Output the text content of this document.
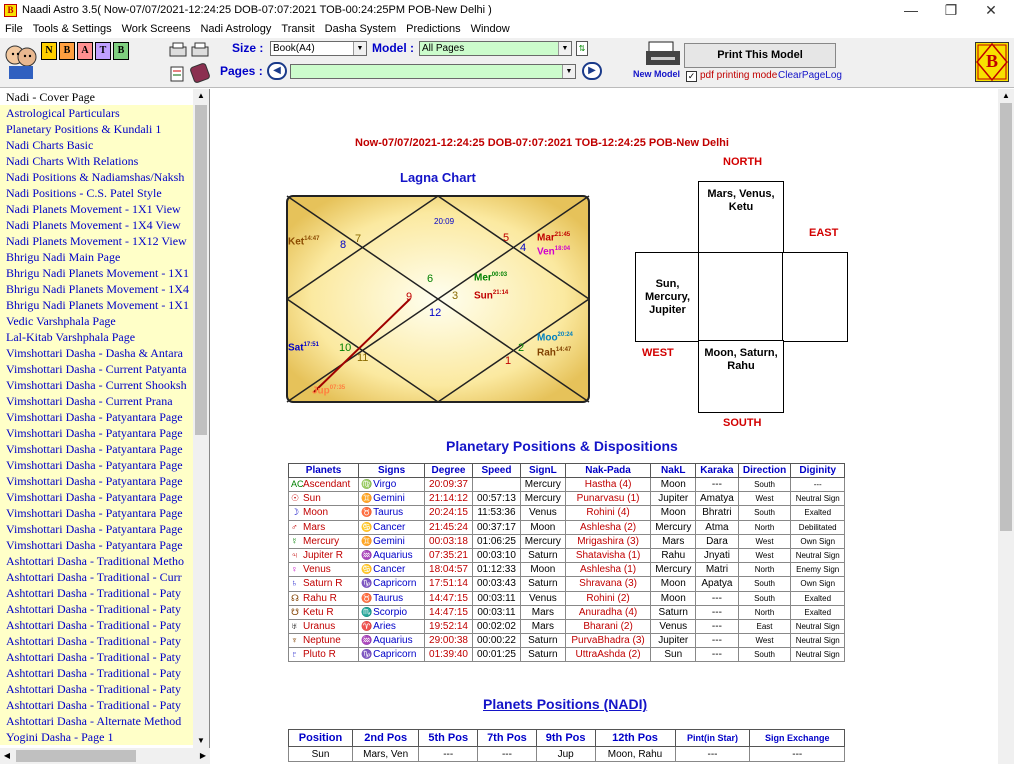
B Naadi Astro 3.5( Now-07/07/2021-12:24:25 DOB-07:07:2021 TOB-00:24:25PM POB-New Delhi )	—	❐	✕
File Tools & Settings Work Screens Nadi Astrology Transit Dasha System Predictions Window
N	B	A	T	B	Size : Book(A4)	▼ Model : All Pages	▼	⇅
Pages :	◀	▼	▶	New Model
Print This Model
✓ pdf printing mode ClearPageLog
B
Nadi - Cover Page
Astrological Particulars
Planetary Positions & Kundali 1
Nadi Charts Basic
Nadi Charts With Relations
Nadi Positions & Nadiamshas/Naksh
Nadi Positions - C.S. Patel Style
Nadi Planets Movement - 1X1 View
Nadi Planets Movement - 1X4 View
Nadi Planets Movement - 1X12 View
Bhrigu Nadi Main Page
Bhrigu Nadi Planets Movement - 1X1
Bhrigu Nadi Planets Movement - 1X4
Bhrigu Nadi Planets Movement - 1X1
Vedic Varshphala Page
Lal-Kitab Varshphala Page
Vimshottari Dasha - Dasha & Antara
Vimshottari Dasha - Current Patyanta
Vimshottari Dasha - Current Shooksh
Vimshottari Dasha - Current Prana
Vimshottari Dasha - Patyantara Page
Vimshottari Dasha - Patyantara Page
Vimshottari Dasha - Patyantara Page
Vimshottari Dasha - Patyantara Page
Vimshottari Dasha - Patyantara Page
Vimshottari Dasha - Patyantara Page
Vimshottari Dasha - Patyantara Page
Vimshottari Dasha - Patyantara Page
Vimshottari Dasha - Patyantara Page
Ashtottari Dasha - Traditional Metho
Ashtottari Dasha - Traditional - Curr
Ashtottari Dasha - Traditional - Paty
Ashtottari Dasha - Traditional - Paty
Ashtottari Dasha - Traditional - Paty
Ashtottari Dasha - Traditional - Paty
Ashtottari Dasha - Traditional - Paty
Ashtottari Dasha - Traditional - Paty
Ashtottari Dasha - Traditional - Paty
Ashtottari Dasha - Traditional - Paty
Ashtottari Dasha - Alternate Method
Yogini Dasha - Page 1
▲
▼
◀	▶
Now-07/07/2021-12:24:25 DOB-07:07:2021 TOB-12:24:25 POB-New Delhi
Lagna Chart
20:09
7
8
5
4
6
3
9
12
10
11
2
1
Ket$^{14:47}$	Mar$^{21:45}$
Ven$^{18:04}$
Mer$^{00:03}$
Sun$^{21:14}$
Sat$^{17:51}$
Moo$^{20:24}$
Rah$^{14:47}$
Jup$^{07:35}$
NORTH
EAST
WEST
SOUTH
Mars, Venus, Ketu
Sun, Mercury, Jupiter
Moon, Saturn, Rahu
Planetary Positions & Dispositions
Planets	Signs	Degree	Speed	SignL	Nak-Pada	NakL	Karaka	Direction	Diginity
ACAscendant	♍Virgo	20:09:37		Mercury	Hastha (4)	Moon	---	South	---
☉ Sun	♊Gemini	21:14:12	00:57:13	Mercury	Punarvasu (1)	Jupiter	Amatya	West	Neutral Sign
☽ Moon	♉Taurus	20:24:15	11:53:36	Venus	Rohini (4)	Moon	Bhratri	South	Exalted
♂ Mars	♋Cancer	21:45:24	00:37:17	Moon	Ashlesha (2)	Mercury	Atma	North	Debilitated
☿ Mercury	♊Gemini	00:03:18	01:06:25	Mercury	Mrigashira (3)	Mars	Dara	West	Own Sign
♃ Jupiter R	♒Aquarius	07:35:21	00:03:10	Saturn	Shatavisha (1)	Rahu	Jnyati	West	Neutral Sign
♀ Venus	♋Cancer	18:04:57	01:12:33	Moon	Ashlesha (1)	Mercury	Matri	North	Enemy Sign
♄ Saturn R	♑Capricorn	17:51:14	00:03:43	Saturn	Shravana (3)	Moon	Apatya	South	Own Sign
☊ Rahu R	♉Taurus	14:47:15	00:03:11	Venus	Rohini (2)	Moon	---	South	Exalted
☋ Ketu R	♏Scorpio	14:47:15	00:03:11	Mars	Anuradha (4)	Saturn	---	North	Exalted
♅ Uranus	♈Aries	19:52:14	00:02:02	Mars	Bharani (2)	Venus	---	East	Neutral Sign
♆ Neptune	♒Aquarius	29:00:38	00:00:22	Saturn	PurvaBhadra (3)	Jupiter	---	West	Neutral Sign
♇ Pluto R	♑Capricorn	01:39:40	00:01:25	Saturn	UttraAshda (2)	Sun	---	South	Neutral Sign
Planets Positions (NADI)
Position	2nd Pos	5th Pos	7th Pos	9th Pos	12th Pos	Pint(in Star)	Sign Exchange
Sun	Mars, Ven	---	---	Jup	Moon, Rahu	---	---
▲
